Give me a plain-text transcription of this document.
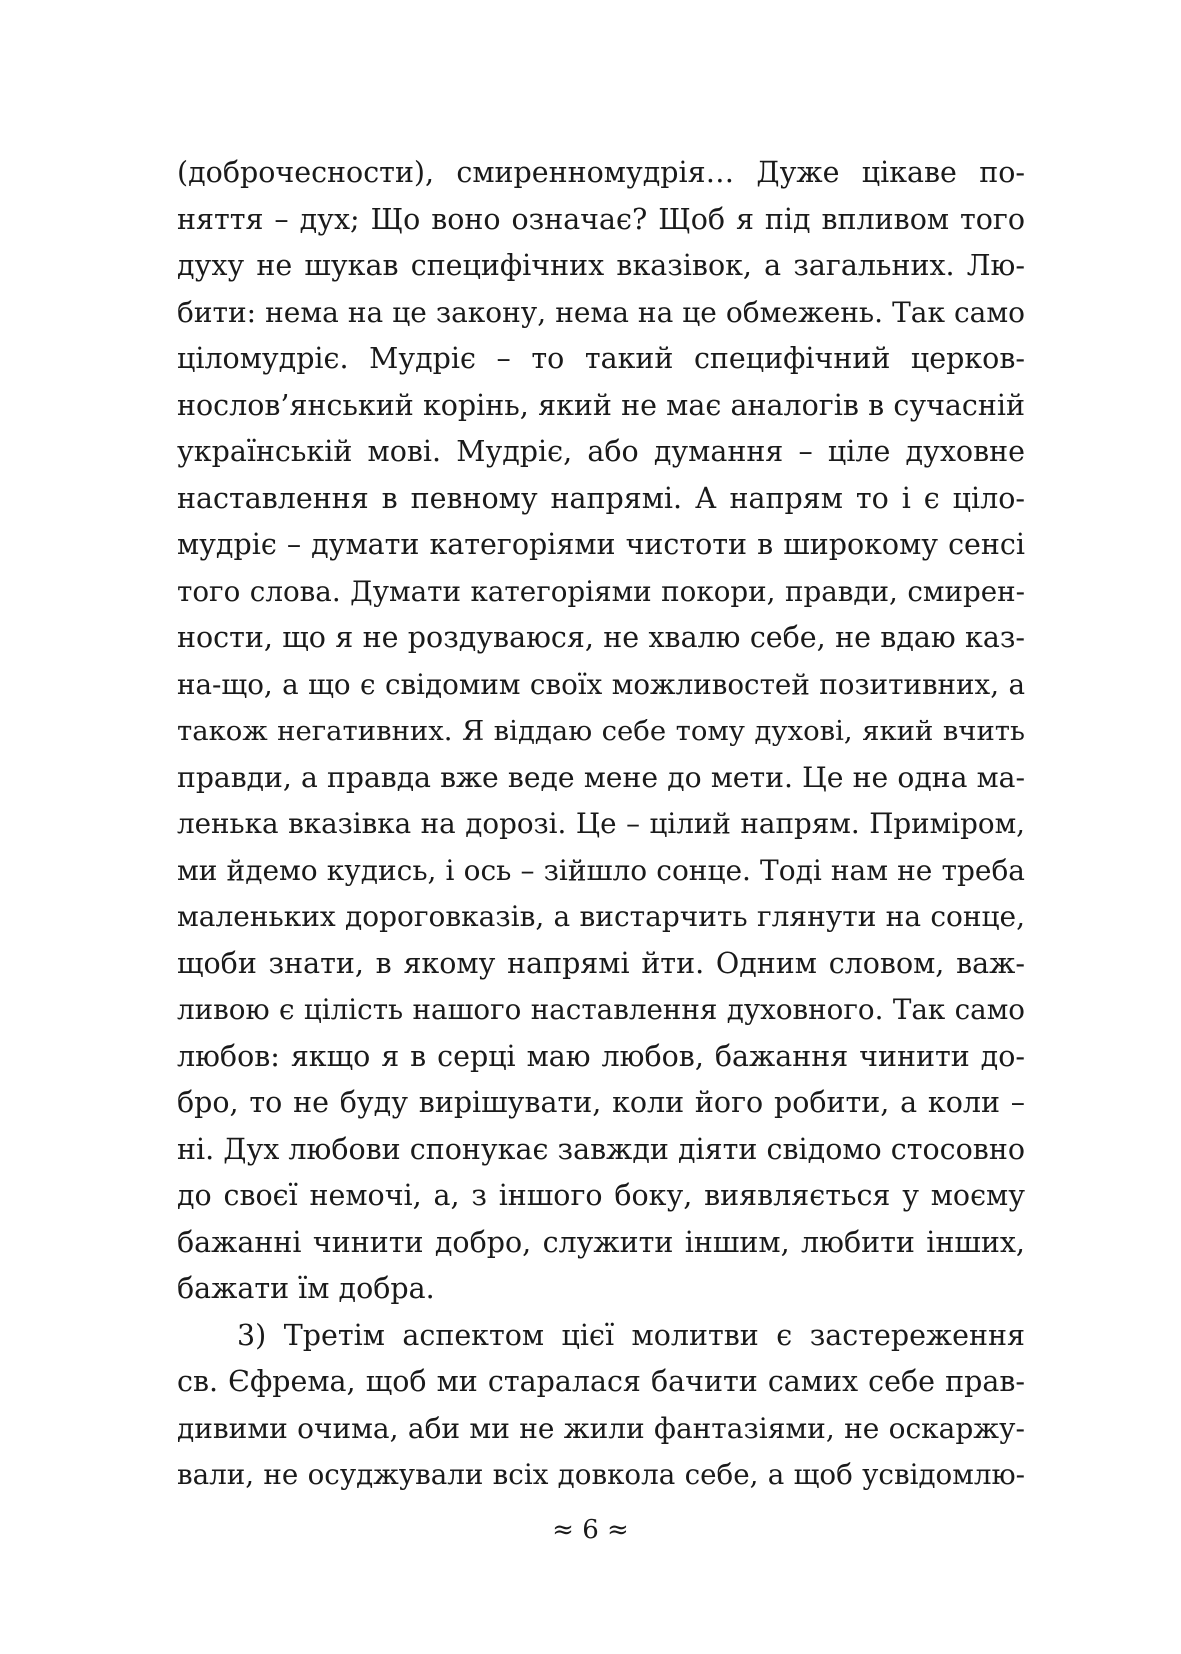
(доброчесности), смиренномудрія… Дуже цікаве по-
няття – дух; Що воно означає? Щоб я під впливом того
духу не шукав специфічних вказівок, а загальних. Лю-
бити: нема на це закону, нема на це обмежень. Так само
ціломудріє. Мудріє – то такий специфічний церков-
нослов’янський корінь, який не має аналогів в сучасній
українській мові. Мудріє, або думання – ціле духовне
наставлення в певному напрямі. А напрям то і є ціло-
мудріє – думати категоріями чистоти в широкому сенсі
того слова. Думати категоріями покори, правди, смирен-
ности, що я не роздуваюся, не хвалю себе, не вдаю каз-
на-що, а що є свідомим своїх можливостей позитивних, а
також негативних. Я віддаю себе тому духові, який вчить
правди, а правда вже веде мене до мети. Це не одна ма-
ленька вказівка на дорозі. Це – цілий напрям. Приміром,
ми йдемо кудись, і ось – зійшло сонце. Тоді нам не треба
маленьких дороговказів, а вистарчить глянути на сонце,
щоби знати, в якому напрямі йти. Одним словом, важ-
ливою є цілість нашого наставлення духовного. Так само
любов: якщо я в серці маю любов, бажання чинити до-
бро, то не буду вирішувати, коли його робити, а коли –
ні. Дух любови спонукає завжди діяти свідомо стосовно
до своєї немочі, а, з іншого боку, виявляється у моєму
бажанні чинити добро, служити іншим, любити інших,
бажати їм добра.
3) Третім аспектом цієї молитви є застереження
св. Єфрема, щоб ми старалася бачити самих себе прав-
дивими очима, аби ми не жили фантазіями, не оскаржу-
вали, не осуджували всіх довкола себе, а щоб усвідомлю-
≈ 6 ≈
